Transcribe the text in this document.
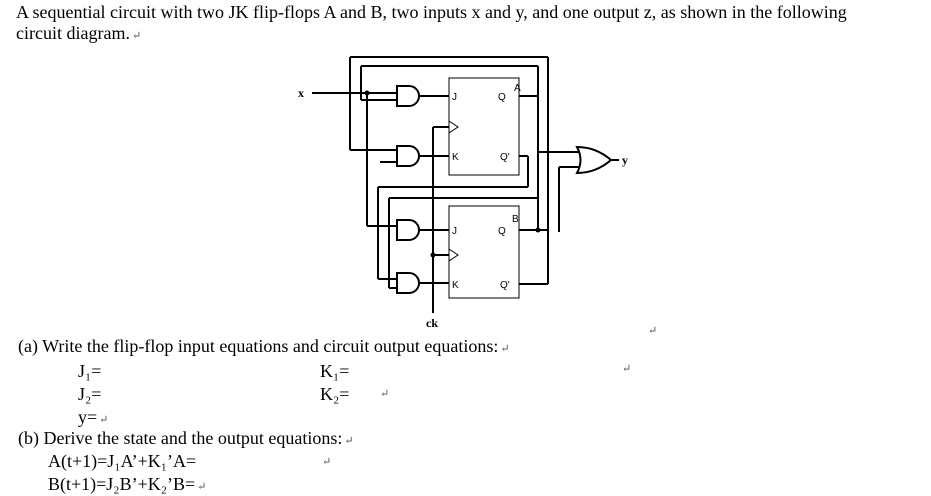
A sequential circuit with two JK flip-flops A and B, two inputs x and y, and one output z, as shown in the following
circuit diagram. ↵
J
K
Q
Q'
A
J
K
Q
Q'
B
x
y
ck
(a) Write the flip-flop input equations and circuit output equations: ↵
↵
J₁=	K₁=	↵
J₂=	K₂=	↵
y= ↵
(b) Derive the state and the output equations: ↵
A(t+1)=J₁A’+K₁’A=	↵
B(t+1)=J₂B’+K₂’B= ↵
